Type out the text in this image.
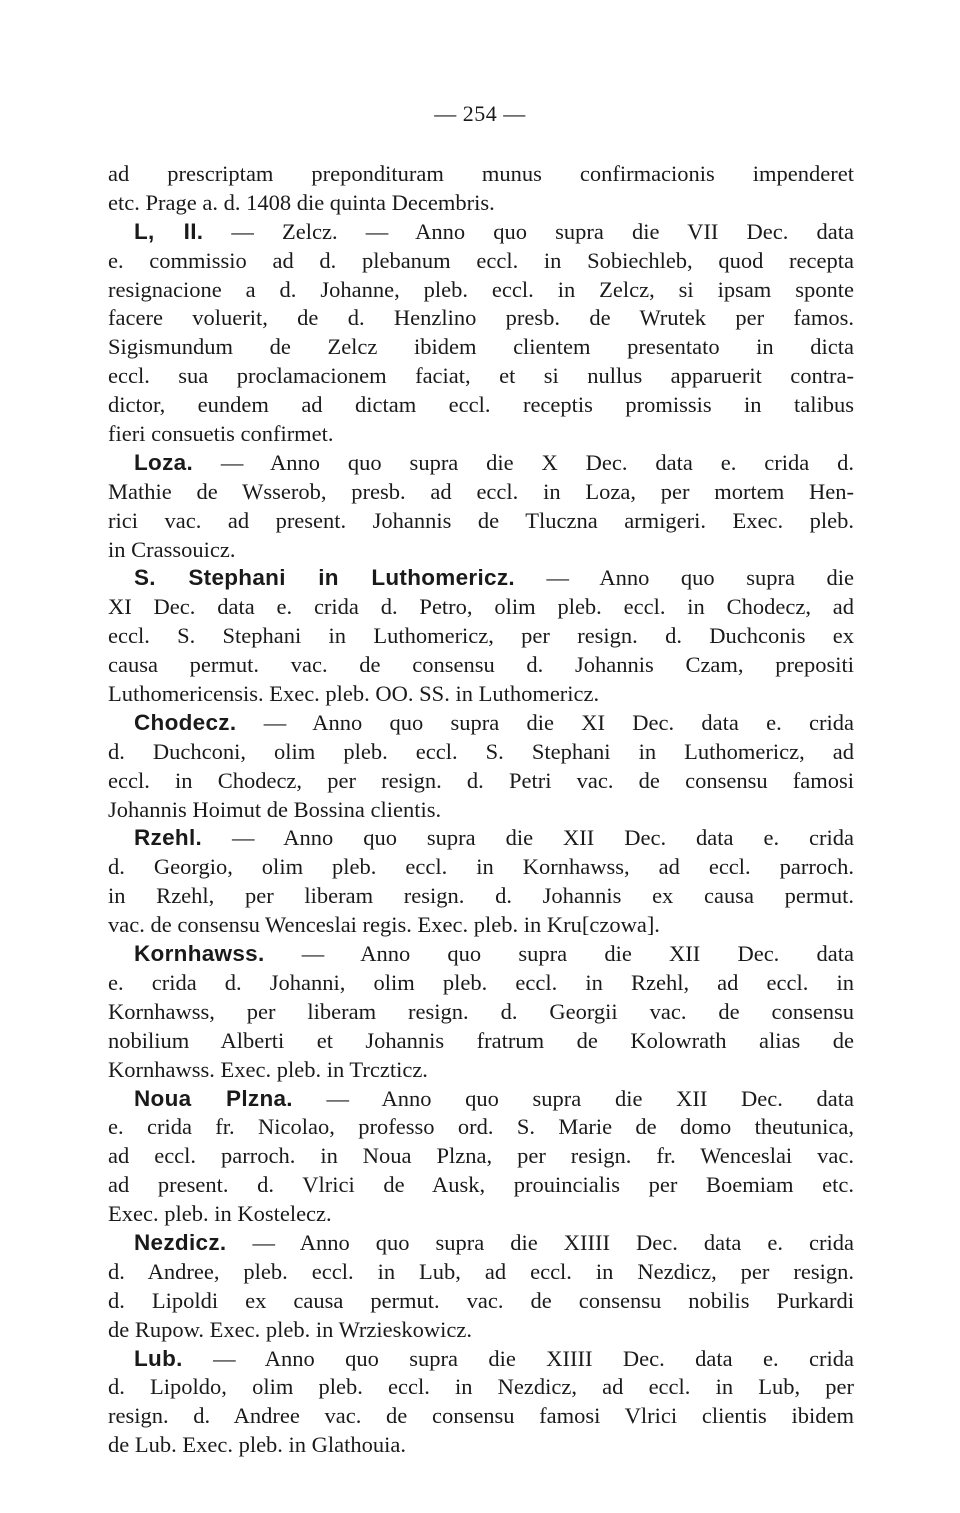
— 254 —
ad prescriptam prepondituram munus confirmacionis impenderet
etc. Prage a. d. 1408 die quinta Decembris.
L, II. — Zelcz. — Anno quo supra die VII Dec. data
e. commissio ad d. plebanum eccl. in Sobiechleb, quod recepta
resignacione a d. Johanne, pleb. eccl. in Zelcz, si ipsam sponte
facere voluerit, de d. Henzlino presb. de Wrutek per famos.
Sigismundum de Zelcz ibidem clientem presentato in dicta
eccl. sua proclamacionem faciat, et si nullus apparuerit contra-
dictor, eundem ad dictam eccl. receptis promissis in talibus
fieri consuetis confirmet.
Loza. — Anno quo supra die X Dec. data e. crida d.
Mathie de Wsserob, presb. ad eccl. in Loza, per mortem Hen-
rici vac. ad present. Johannis de Tluczna armigeri. Exec. pleb.
in Crassouicz.
S. Stephani in Luthomericz. — Anno quo supra die
XI Dec. data e. crida d. Petro, olim pleb. eccl. in Chodecz, ad
eccl. S. Stephani in Luthomericz, per resign. d. Duchconis ex
causa permut. vac. de consensu d. Johannis Czam, prepositi
Luthomericensis. Exec. pleb. OO. SS. in Luthomericz.
Chodecz. — Anno quo supra die XI Dec. data e. crida
d. Duchconi, olim pleb. eccl. S. Stephani in Luthomericz, ad
eccl. in Chodecz, per resign. d. Petri vac. de consensu famosi
Johannis Hoimut de Bossina clientis.
Rzehl. — Anno quo supra die XII Dec. data e. crida
d. Georgio, olim pleb. eccl. in Kornhawss, ad eccl. parroch.
in Rzehl, per liberam resign. d. Johannis ex causa permut.
vac. de consensu Wenceslai regis. Exec. pleb. in Kru[czowa].
Kornhawss. — Anno quo supra die XII Dec. data
e. crida d. Johanni, olim pleb. eccl. in Rzehl, ad eccl. in
Kornhawss, per liberam resign. d. Georgii vac. de consensu
nobilium Alberti et Johannis fratrum de Kolowrath alias de
Kornhawss. Exec. pleb. in Trczticz.
Noua Plzna. — Anno quo supra die XII Dec. data
e. crida fr. Nicolao, professo ord. S. Marie de domo theutunica,
ad eccl. parroch. in Noua Plzna, per resign. fr. Wenceslai vac.
ad present. d. Vlrici de Ausk, prouincialis per Boemiam etc.
Exec. pleb. in Kostelecz.
Nezdicz. — Anno quo supra die XIIII Dec. data e. crida
d. Andree, pleb. eccl. in Lub, ad eccl. in Nezdicz, per resign.
d. Lipoldi ex causa permut. vac. de consensu nobilis Purkardi
de Rupow. Exec. pleb. in Wrzieskowicz.
Lub. — Anno quo supra die XIIII Dec. data e. crida
d. Lipoldo, olim pleb. eccl. in Nezdicz, ad eccl. in Lub, per
resign. d. Andree vac. de consensu famosi Vlrici clientis ibidem
de Lub. Exec. pleb. in Glathouia.
